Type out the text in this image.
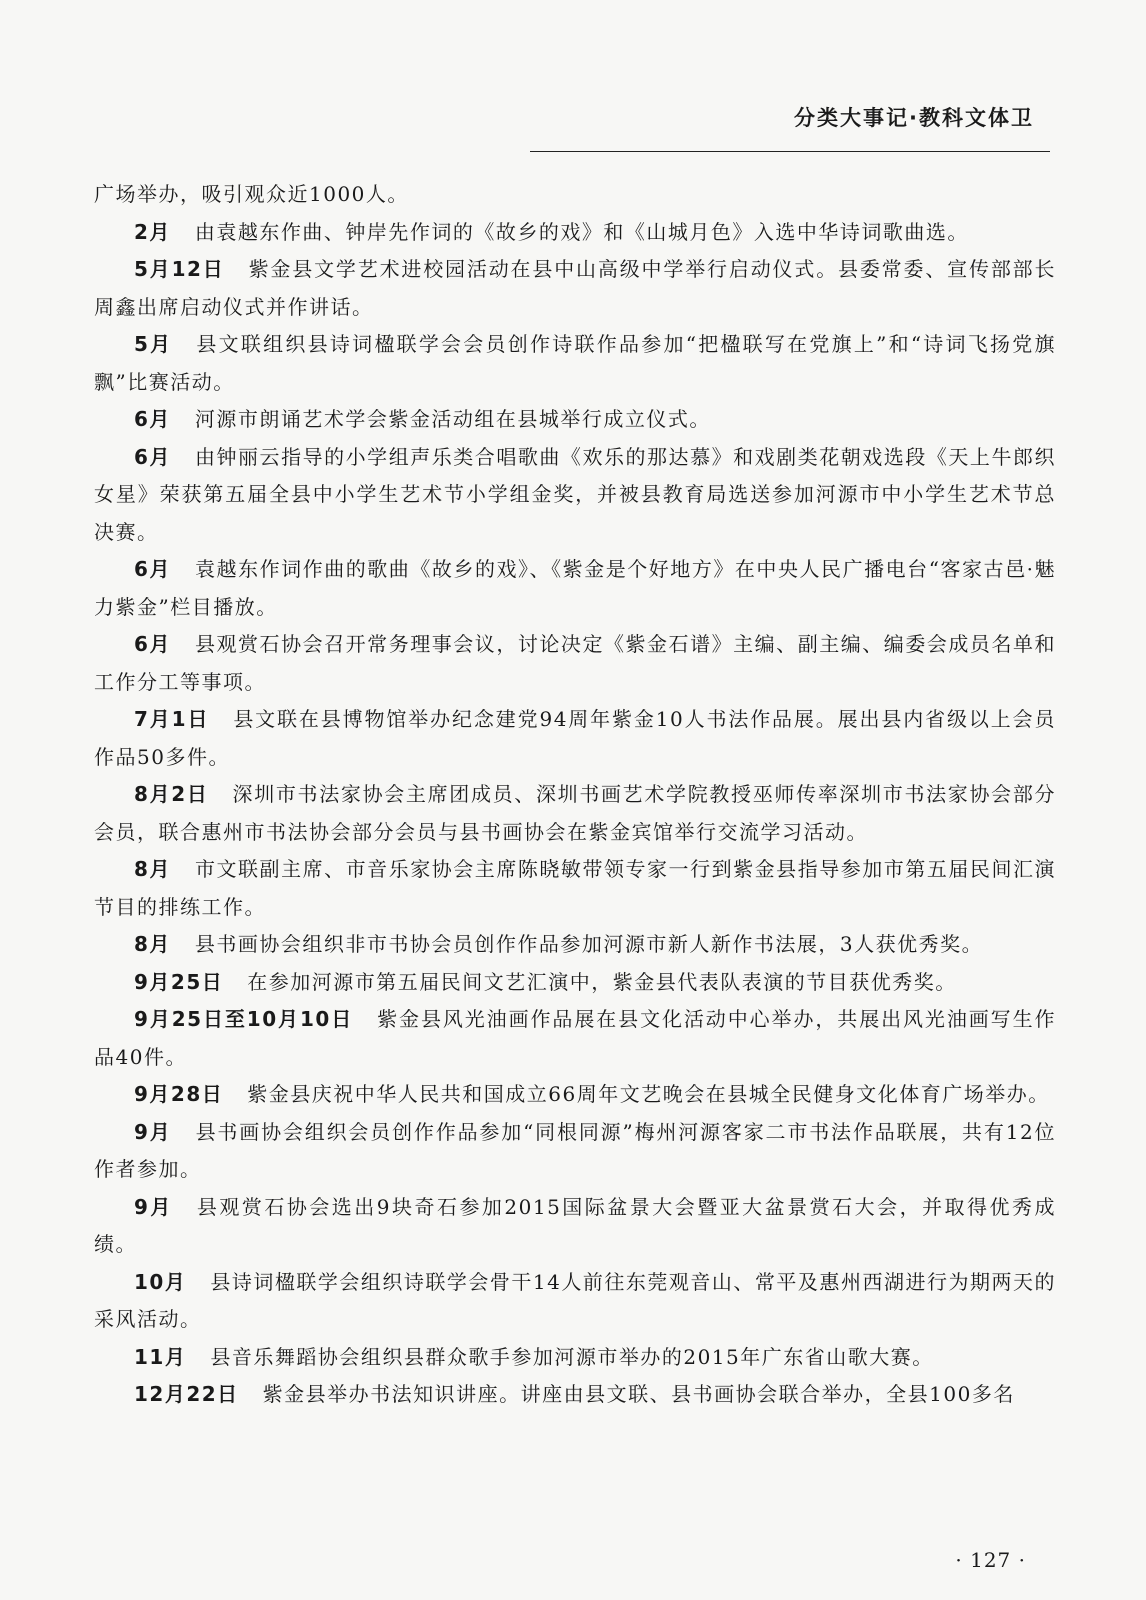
分类大事记·教科文体卫

广场举办，吸引观众近1000人。

2月 由袁越东作曲、钟岸先作词的《故乡的戏》和《山城月色》入选中华诗词歌曲选。

5月12日 紫金县文学艺术进校园活动在县中山高级中学举行启动仪式。县委常委、宣传部部长周鑫出席启动仪式并作讲话。

5月 县文联组织县诗词楹联学会会员创作诗联作品参加“把楹联写在党旗上”和“诗词飞扬党旗飘”比赛活动。

6月 河源市朗诵艺术学会紫金活动组在县城举行成立仪式。

6月 由钟丽云指导的小学组声乐类合唱歌曲《欢乐的那达慕》和戏剧类花朝戏选段《天上牛郎织女星》荣获第五届全县中小学生艺术节小学组金奖，并被县教育局选送参加河源市中小学生艺术节总决赛。

6月 袁越东作词作曲的歌曲《故乡的戏》、《紫金是个好地方》在中央人民广播电台“客家古邑·魅力紫金”栏目播放。

6月 县观赏石协会召开常务理事会议，讨论决定《紫金石谱》主编、副主编、编委会成员名单和工作分工等事项。

7月1日 县文联在县博物馆举办纪念建党94周年紫金10人书法作品展。展出县内省级以上会员作品50多件。

8月2日 深圳市书法家协会主席团成员、深圳书画艺术学院教授巫师传率深圳市书法家协会部分会员，联合惠州市书法协会部分会员与县书画协会在紫金宾馆举行交流学习活动。

8月 市文联副主席、市音乐家协会主席陈晓敏带领专家一行到紫金县指导参加市第五届民间汇演节目的排练工作。

8月 县书画协会组织非市书协会员创作作品参加河源市新人新作书法展，3人获优秀奖。

9月25日 在参加河源市第五届民间文艺汇演中，紫金县代表队表演的节目获优秀奖。

9月25日至10月10日 紫金县风光油画作品展在县文化活动中心举办，共展出风光油画写生作品40件。

9月28日 紫金县庆祝中华人民共和国成立66周年文艺晚会在县城全民健身文化体育广场举办。

9月 县书画协会组织会员创作作品参加“同根同源”梅州河源客家二市书法作品联展，共有12位作者参加。

9月 县观赏石协会选出9块奇石参加2015国际盆景大会暨亚大盆景赏石大会，并取得优秀成绩。

10月 县诗词楹联学会组织诗联学会骨干14人前往东莞观音山、常平及惠州西湖进行为期两天的采风活动。

11月 县音乐舞蹈协会组织县群众歌手参加河源市举办的2015年广东省山歌大赛。

12月22日 紫金县举办书法知识讲座。讲座由县文联、县书画协会联合举办，全县100多名

· 127 ·
